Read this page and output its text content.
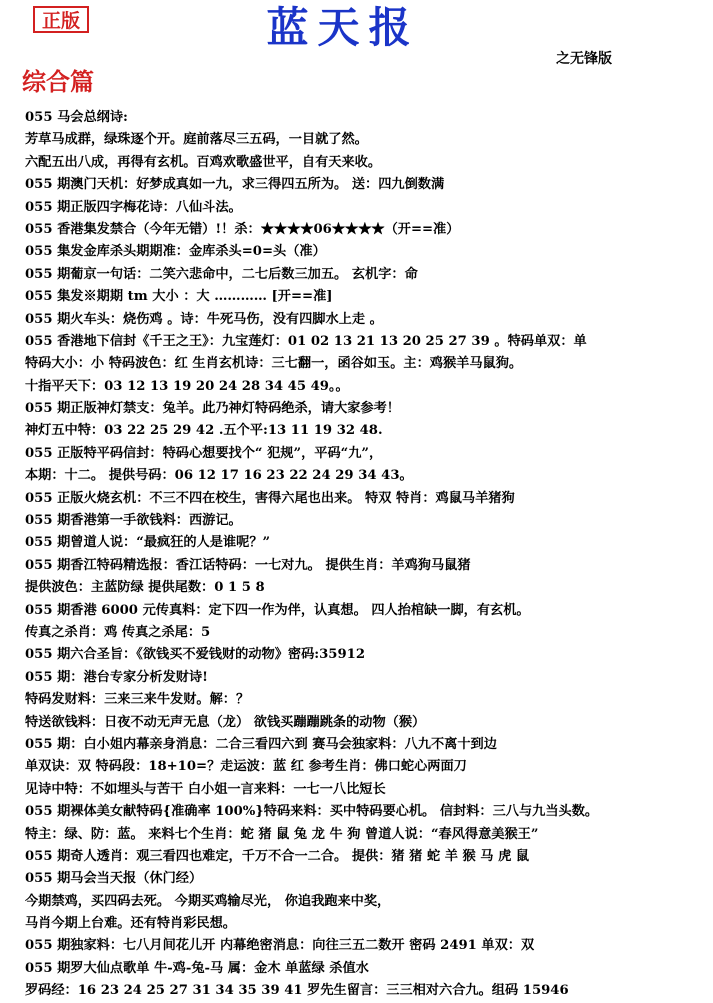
正版	蓝天报
之无锋版
综合篇
055 马会总纲诗:
芳草马成群，绿珠逐个开。庭前落尽三五码，一目就了然。
六配五出八成，再得有玄机。百鸡欢歌盛世平，自有天来收。
055 期澳门天机：好梦成真如一九，求三得四五所为。 送：四九倒数满
055 期正版四字梅花诗：八仙斗法。
055 香港集发禁合（今年无错）!！杀：★★★★06★★★★（开==准）
055 集发金库杀头期期准：金库杀头=0=头（准）
055 期葡京一句话：二笑六悲命中，二七后数三加五。 玄机字：命
055 集发※期期 tm 大小 ：大 ………… [开==准]
055 期火车头：烧伤鸡 。诗：牛死马伤，没有四脚水上走 。
055 香港地下信封《千王之王》：九宝莲灯：01 02 13 21 13 20 25 27 39 。特码单双：单
特码大小：小 特码波色：红 生肖玄机诗：三七翻一，函谷如玉。主：鸡猴羊马鼠狗。
十指平天下：03 12 13 19 20 24 28 34 45 49。。
055 期正版神灯禁支：兔羊。此乃神灯特码绝杀，请大家参考！
神灯五中特：03 22 25 29 42 .五个平:13 11 19 32 48.
055 正版特平码信封：特码心想要找个“ 犯规”，平码“九”，
本期：十二。 提供号码：06 12 17 16 23 22 24 29 34 43。
055 正版火烧玄机：不三不四在校生，害得六尾也出来。 特双 特肖：鸡鼠马羊猪狗
055 期香港第一手欲钱料：西游记。
055 期曾道人说：“最疯狂的人是谁呢？”
055 期香江特码精选报：香江话特码：一七对九。 提供生肖：羊鸡狗马鼠猪
提供波色：主蓝防绿 提供尾数：0 1 5 8
055 期香港 6000 元传真料：定下四一作为伴，认真想。 四人抬棺缺一脚，有玄机。
传真之杀肖：鸡 传真之杀尾：5
055 期六合圣旨：《欲钱买不爱钱财的动物》密码:35912
055 期：港台专家分析发财诗!
特码发财料：三来三来牛发财。解：？
特送欲钱料：日夜不动无声无息（龙） 欲钱买蹦蹦跳条的动物（猴）
055 期：白小姐内幕亲身消息：二合三看四六到 赛马会独家料：八九不离十到边
单双诀：双 特码段：18+10=？走运波：蓝 红 参考生肖：佛口蛇心两面刀
见诗中特：不如埋头与苦干 白小姐一言来料：一七一八比短长
055 期裸体美女献特码{准确率 100%}特码来料：买中特码要心机。 信封料：三八与九当头数。
特主：绿、防：蓝。 来料七个生肖：蛇 猪 鼠 兔 龙 牛 狗 曾道人说：“春风得意美猴王”
055 期奇人透肖：观三看四也难定，千万不合一二合。 提供：猪 猪 蛇 羊 猴 马 虎 鼠
055 期马会当天报（休门经）
今期禁鸡，买四码去死。 今期买鸡输尽光， 你追我跑来中奖，
马肖今期上台难。还有特肖彩民想。
055 期独家料：七八月间花儿开 内幕绝密消息：向往三五二数开 密码 2491 单双：双
055 期罗大仙点歌单 牛-鸡-兔-马 属：金木 单蓝绿 杀值水
罗码经：16 23 24 25 27 31 34 35 39 41 罗先生留言：三三相对六合九。组码 15946
